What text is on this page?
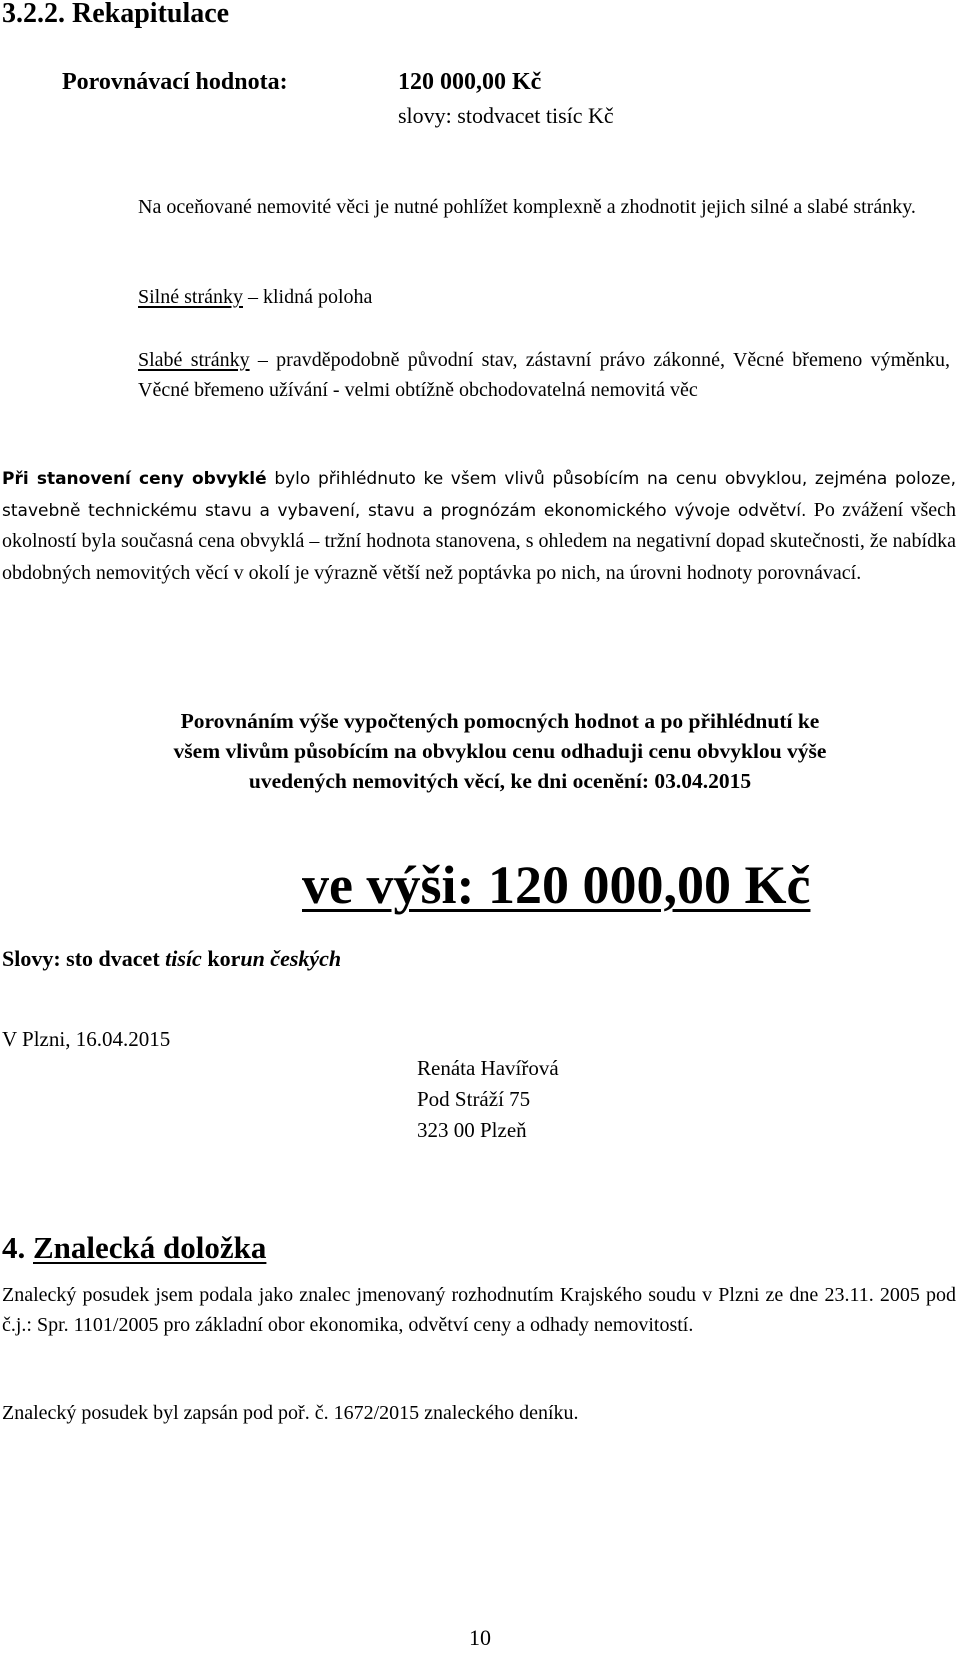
3.2.2. Rekapitulace
Porovnávací hodnota:	120 000,00 Kč
slovy: stodvacet tisíc Kč

Na oceňované nemovité věci je nutné pohlížet komplexně a zhodnotit jejich silné a slabé stránky.

Silné stránky – klidná poloha

Slabé stránky – pravděpodobně původní stav, zástavní právo zákonné, Věcné břemeno výměnku, Věcné břemeno užívání - velmi obtížně obchodovatelná nemovitá věc

Při stanovení ceny obvyklé bylo přihlédnuto ke všem vlivů působícím na cenu obvyklou, zejména poloze, stavebně technickému stavu a vybavení, stavu a prognózám ekonomického vývoje odvětví. Po zvážení všech okolností byla současná cena obvyklá – tržní hodnota stanovena, s ohledem na negativní dopad skutečnosti, že nabídka obdobných nemovitých věcí v okolí je výrazně větší než poptávka po nich, na úrovni hodnoty porovnávací.

Porovnáním výše vypočtených pomocných hodnot a po přihlédnutí ke
všem vlivům působícím na obvyklou cenu odhaduji cenu obvyklou výše
uvedených nemovitých věcí, ke dni ocenění: 03.04.2015
ve výši: 120 000,00 Kč
Slovy: sto dvacet tisíc korun českých
V Plzni, 16.04.2015
Renáta Havířová
Pod Stráží 75
323 00 Plzeň
4. Znalecká doložka

Znalecký posudek jsem podala jako znalec jmenovaný rozhodnutím Krajského soudu v Plzni ze dne 23.11. 2005 pod č.j.: Spr. 1101/2005 pro základní obor ekonomika, odvětví ceny a odhady nemovitostí.

Znalecký posudek byl zapsán pod poř. č. 1672/2015 znaleckého deníku.

10
